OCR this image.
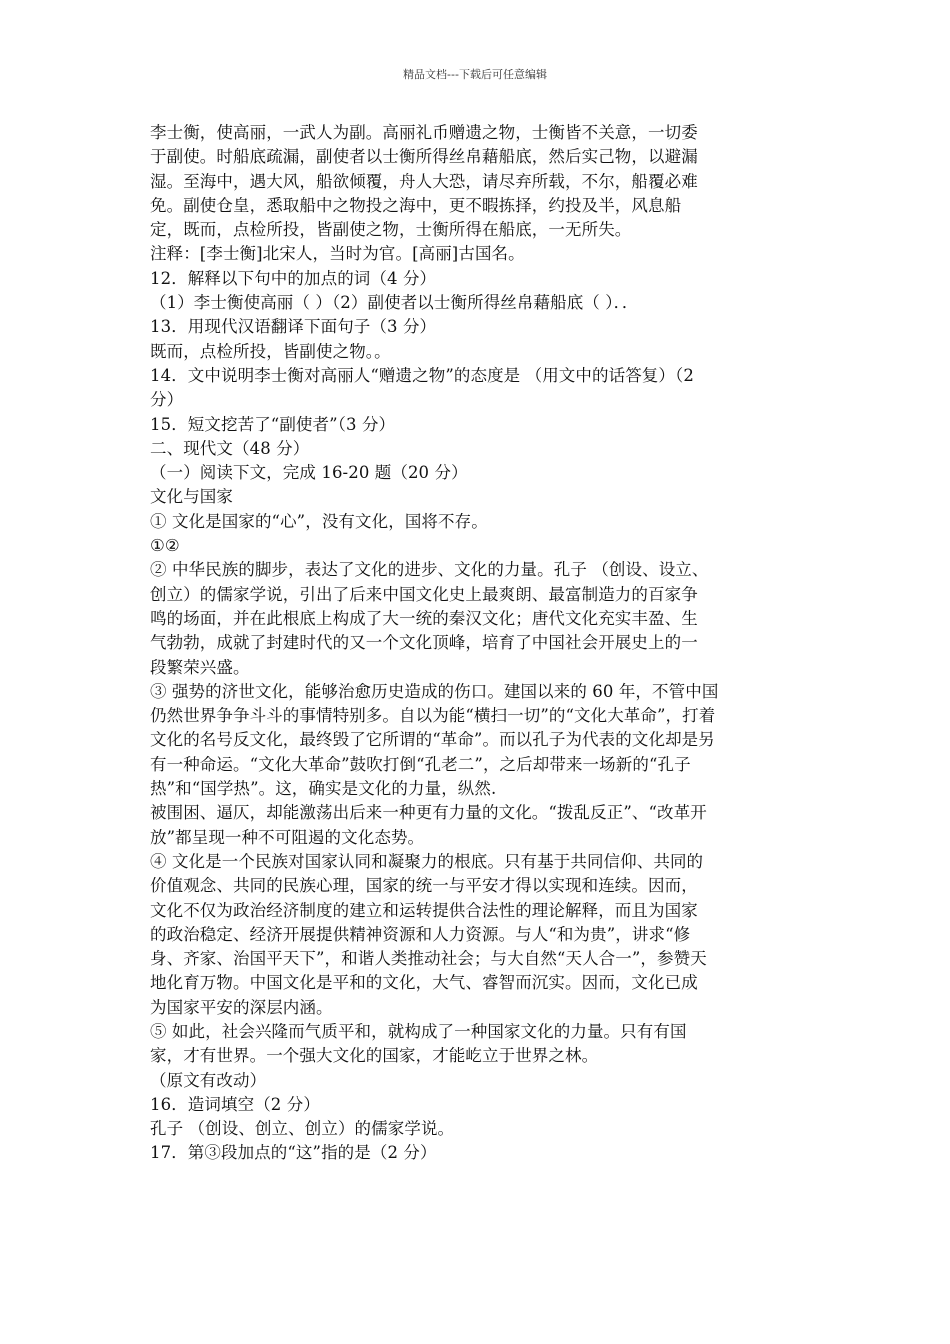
精品文档---下载后可任意编辑
李士衡，使高丽，一武人为副。高丽礼币赠遗之物，士衡皆不关意，一切委
于副使。时船底疏漏，副使者以士衡所得丝帛藉船底，然后实己物，以避漏
湿。至海中，遇大风，船欲倾覆，舟人大恐，请尽弃所载，不尔，船覆必难
免。副使仓皇，悉取船中之物投之海中，更不暇拣择，约投及半，风息船
定，既而，点检所投，皆副使之物，士衡所得在船底，一无所失。
注释：[李士衡]北宋人，当时为官。[高丽]古国名。
12．解释以下句中的加点的词（4 分）
（1）李士衡使高丽（ ）（2）副使者以士衡所得丝帛藉船底（ ）．．
13．用现代汉语翻译下面句子（3 分）
既而，点检所投，皆副使之物。。
14．文中说明李士衡对高丽人“赠遗之物”的态度是 （用文中的话答复）（2
分）
15．短文挖苦了“副使者”（3 分）
二、现代文（48 分）
（一）阅读下文，完成 16-20 题（20 分）
文化与国家
① 文化是国家的“心”，没有文化，国将不存。
①②
② 中华民族的脚步，表达了文化的进步、文化的力量。孔子 （创设、设立、
创立）的儒家学说，引出了后来中国文化史上最爽朗、最富制造力的百家争
鸣的场面，并在此根底上构成了大一统的秦汉文化；唐代文化充实丰盈、生
气勃勃，成就了封建时代的又一个文化顶峰，培育了中国社会开展史上的一
段繁荣兴盛。
③ 强势的济世文化，能够治愈历史造成的伤口。建国以来的 60 年，不管中国
仍然世界争争斗斗的事情特别多。自以为能“横扫一切”的“文化大革命”，打着
文化的名号反文化，最终毁了它所谓的“革命”。而以孔子为代表的文化却是另
有一种命运。“文化大革命”鼓吹打倒“孔老二”，之后却带来一场新的“孔子
热”和“国学热”。这，确实是文化的力量，纵然.
被围困、逼仄，却能激荡出后来一种更有力量的文化。“拨乱反正”、“改革开
放”都呈现一种不可阻遏的文化态势。
④ 文化是一个民族对国家认同和凝聚力的根底。只有基于共同信仰、共同的
价值观念、共同的民族心理，国家的统一与平安才得以实现和连续。因而，
文化不仅为政治经济制度的建立和运转提供合法性的理论解释，而且为国家
的政治稳定、经济开展提供精神资源和人力资源。与人“和为贵”，讲求“修
身、齐家、治国平天下”，和谐人类推动社会；与大自然“天人合一”，参赞天
地化育万物。中国文化是平和的文化，大气、睿智而沉实。因而，文化已成
为国家平安的深层内涵。
⑤ 如此，社会兴隆而气质平和，就构成了一种国家文化的力量。只有有国
家，才有世界。一个强大文化的国家，才能屹立于世界之林。
（原文有改动）
16．造词填空（2 分）
孔子 （创设、创立、创立）的儒家学说。
17．第③段加点的“这”指的是（2 分）
